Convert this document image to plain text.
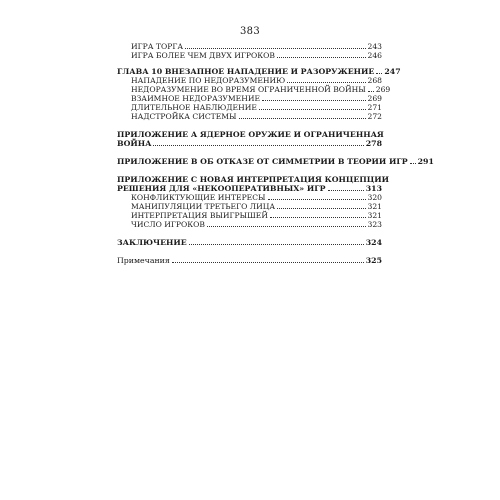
383
ИГРА ТОРГА	243
ИГРА БОЛЕЕ ЧЕМ ДВУХ ИГРОКОВ	246
ГЛАВА 10 ВНЕЗАПНОЕ НАПАДЕНИЕ И РАЗОРУЖЕНИЕ 247
НАПАДЕНИЕ ПО НЕДОРАЗУМЕНИЮ	268
НЕДОРАЗУМЕНИЕ ВО ВРЕМЯ ОГРАНИЧЕННОЙ ВОЙНЫ 269
ВЗАИМНОЕ НЕДОРАЗУМЕНИЕ	269
ДЛИТЕЛЬНОЕ НАБЛЮДЕНИЕ	271
НАДСТРОЙКА СИСТЕМЫ	272
ПРИЛОЖЕНИЕ А ЯДЕРНОЕ ОРУЖИЕ И ОГРАНИЧЕННАЯ
ВОЙНА	278
ПРИЛОЖЕНИЕ В ОБ ОТКАЗЕ ОТ СИММЕТРИИ В ТЕОРИИ ИГР 291
ПРИЛОЖЕНИЕ С НОВАЯ ИНТЕРПРЕТАЦИЯ КОНЦЕПЦИИ
РЕШЕНИЯ ДЛЯ «НЕКООПЕРАТИВНЫХ» ИГР	313
КОНФЛИКТУЮЩИЕ ИНТЕРЕСЫ	320
МАНИПУЛЯЦИИ ТРЕТЬЕГО ЛИЦА	321
ИНТЕРПРЕТАЦИЯ ВЫИГРЫШЕЙ	321
ЧИСЛО ИГРОКОВ	323
ЗАКЛЮЧЕНИЕ	324
Примечания	325
